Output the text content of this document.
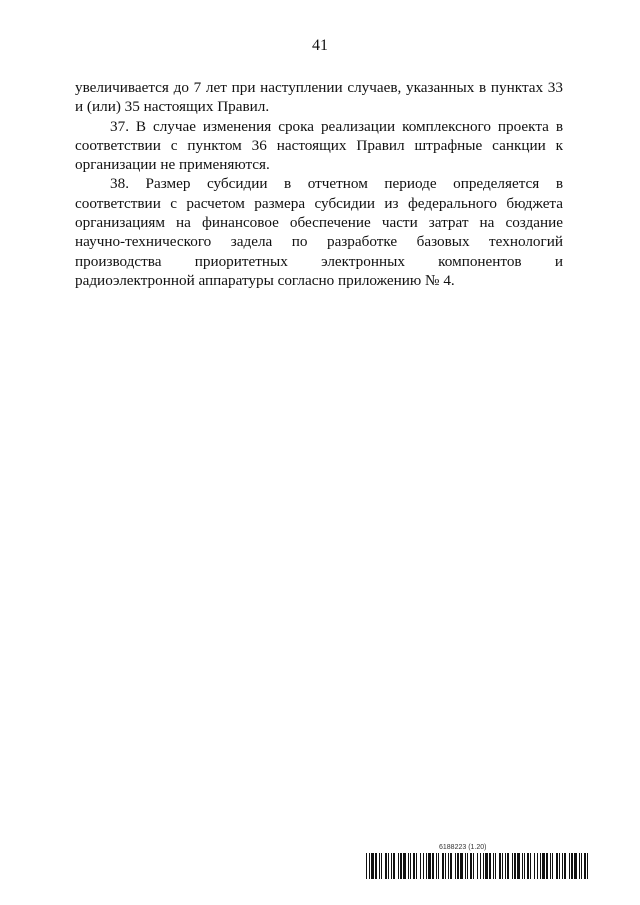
41

увеличивается до 7 лет при наступлении случаев, указанных в пунктах 33 и (или) 35 настоящих Правил.

37. В случае изменения срока реализации комплексного проекта в соответствии с пунктом 36 настоящих Правил штрафные санкции к организации не применяются.

38. Размер субсидии в отчетном периоде определяется в соответствии с расчетом размера субсидии из федерального бюджета организациям на финансовое обеспечение части затрат на создание научно-технического задела по разработке базовых технологий производства приоритетных электронных компонентов и радиоэлектронной аппаратуры согласно приложению № 4.

6188223 (1.20)
